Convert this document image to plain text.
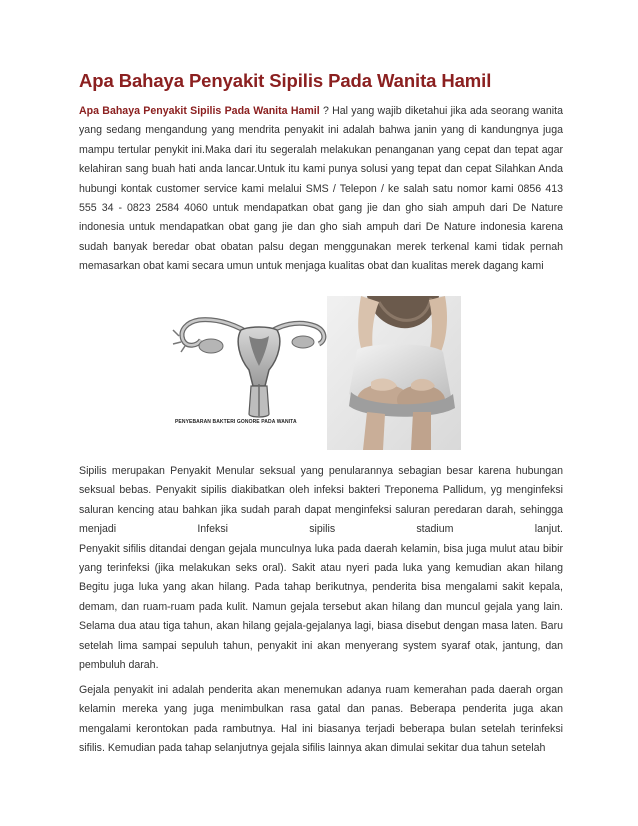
Apa Bahaya Penyakit Sipilis Pada Wanita Hamil

Apa Bahaya Penyakit Sipilis Pada Wanita Hamil ? Hal yang wajib diketahui jika ada seorang wanita yang sedang mengandung yang mendrita penyakit ini adalah bahwa janin yang di kandungnya juga mampu tertular penykit ini.Maka dari itu segeralah melakukan penanganan yang cepat dan tepat agar kelahiran sang buah hati anda lancar.Untuk itu kami punya solusi yang tepat dan cepat Silahkan Anda hubungi kontak customer service kami melalui SMS / Telepon / ke salah satu nomor kami 0856 413 555 34 - 0823 2584 4060 untuk mendapatkan obat gang jie dan gho siah ampuh dari De Nature indonesia untuk mendapatkan obat gang jie dan gho siah ampuh dari De Nature indonesia karena sudah banyak beredar obat obatan palsu degan menggunakan merek terkenal kami tidak pernah memasarkan obat kami secara umun untuk menjaga kualitas obat dan kualitas merek dagang kami

PENYEBARAN BAKTERI GONORE PADA WANITA
Sipilis merupakan Penyakit Menular seksual yang penularannya sebagian besar karena hubungan seksual bebas. Penyakit sipilis diakibatkan oleh infeksi bakteri Treponema Pallidum, yg menginfeksi saluran kencing atau bahkan jika sudah parah dapat menginfeksi saluran peredaran darah, sehingga menjadi Infeksi sipilis stadium lanjut.
Penyakit sifilis ditandai dengan gejala munculnya luka pada daerah kelamin, bisa juga mulut atau bibir yang terinfeksi (jika melakukan seks oral). Sakit atau nyeri pada luka yang kemudian akan hilang Begitu juga luka yang akan hilang. Pada tahap berikutnya, penderita bisa mengalami sakit kepala, demam, dan ruam-ruam pada kulit. Namun gejala tersebut akan hilang dan muncul gejala yang lain. Selama dua atau tiga tahun, akan hilang gejala-gejalanya lagi, biasa disebut dengan masa laten. Baru setelah lima sampai sepuluh tahun, penyakit ini akan menyerang system syaraf otak, jantung, dan pembuluh darah.

Gejala penyakit ini adalah penderita akan menemukan adanya ruam kemerahan pada daerah organ kelamin mereka yang juga menimbulkan rasa gatal dan panas. Beberapa penderita juga akan mengalami kerontokan pada rambutnya. Hal ini biasanya terjadi beberapa bulan setelah terinfeksi sifilis. Kemudian pada tahap selanjutnya gejala sifilis lainnya akan dimulai sekitar dua tahun setelah
